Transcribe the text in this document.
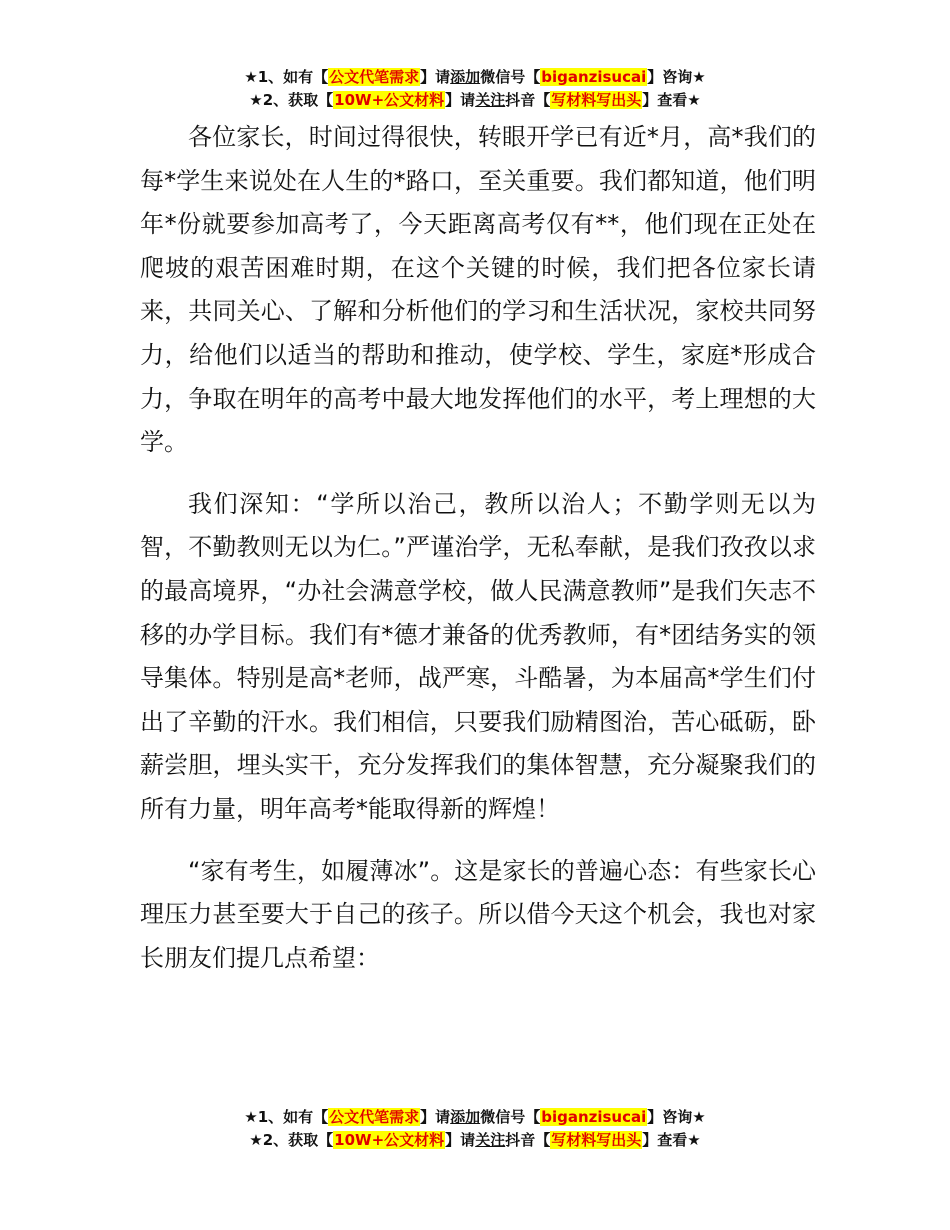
★1、如有【公文代笔需求】请添加微信号【biganzisucai】咨询★
★2、获取【10W+公文材料】请关注抖音【写材料写出头】查看★

各位家长，时间过得很快，转眼开学已有近*月，高*我们的每*学生来说处在人生的*路口，至关重要。我们都知道，他们明年*份就要参加高考了，今天距离高考仅有**，他们现在正处在爬坡的艰苦困难时期，在这个关键的时候，我们把各位家长请来，共同关心、了解和分析他们的学习和生活状况，家校共同努力，给他们以适当的帮助和推动，使学校、学生，家庭*形成合力，争取在明年的高考中最大地发挥他们的水平，考上理想的大学。

我们深知：“学所以治己，教所以治人；不勤学则无以为智，不勤教则无以为仁。”严谨治学，无私奉献，是我们孜孜以求的最高境界，“办社会满意学校，做人民满意教师”是我们矢志不移的办学目标。我们有*德才兼备的优秀教师，有*团结务实的领导集体。特别是高*老师，战严寒，斗酷暑，为本届高*学生们付出了辛勤的汗水。我们相信，只要我们励精图治，苦心砥砺，卧薪尝胆，埋头实干，充分发挥我们的集体智慧，充分凝聚我们的所有力量，明年高考*能取得新的辉煌！

“家有考生，如履薄冰”。这是家长的普遍心态：有些家长心理压力甚至要大于自己的孩子。所以借今天这个机会，我也对家长朋友们提几点希望：

★1、如有【公文代笔需求】请添加微信号【biganzisucai】咨询★
★2、获取【10W+公文材料】请关注抖音【写材料写出头】查看★
